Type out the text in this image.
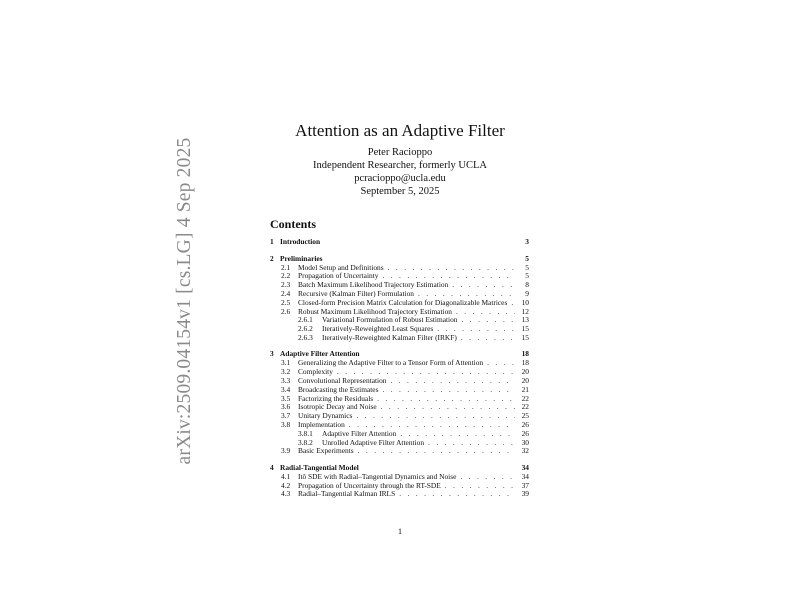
arXiv:2509.04154v1 [cs.LG] 4 Sep 2025
Attention as an Adaptive Filter
Peter Racioppo
Independent Researcher, formerly UCLA
pcracioppo@ucla.edu
September 5, 2025
Contents
1 Introduction	3
2 Preliminaries	5
2.1	Model Setup and Definitions . . .	5
2.2	Propagation of Uncertainty . . .	5
2.3	Batch Maximum Likelihood Trajectory Estimation . . .	8
2.4	Recursive (Kalman Filter) Formulation . . .	9
2.5	Closed-form Precision Matrix Calculation for Diagonalizable Matrices . . .	10
2.6	Robust Maximum Likelihood Trajectory Estimation . . .	12
2.6.1	Variational Formulation of Robust Estimation . . .	13
2.6.2	Iteratively-Reweighted Least Squares . . .	15
2.6.3	Iteratively-Reweighted Kalman Filter (IRKF) . . .	15
3 Adaptive Filter Attention	18
3.1	Generalizing the Adaptive Filter to a Tensor Form of Attention . . .	18
3.2	Complexity . . .	20
3.3	Convolutional Representation . . .	20
3.4	Broadcasting the Estimates . . .	21
3.5	Factorizing the Residuals . . .	22
3.6	Isotropic Decay and Noise . . .	22
3.7	Unitary Dynamics . . .	25
3.8	Implementation . . .	26
3.8.1	Adaptive Filter Attention . . .	26
3.8.2	Unrolled Adaptive Filter Attention . . .	30
3.9	Basic Experiments . . .	32
4 Radial-Tangential Model	34
4.1	Itô SDE with Radial–Tangential Dynamics and Noise . . .	34
4.2	Propagation of Uncertainty through the RT-SDE . . .	37
4.3	Radial–Tangential Kalman IRLS . . .	39
1
